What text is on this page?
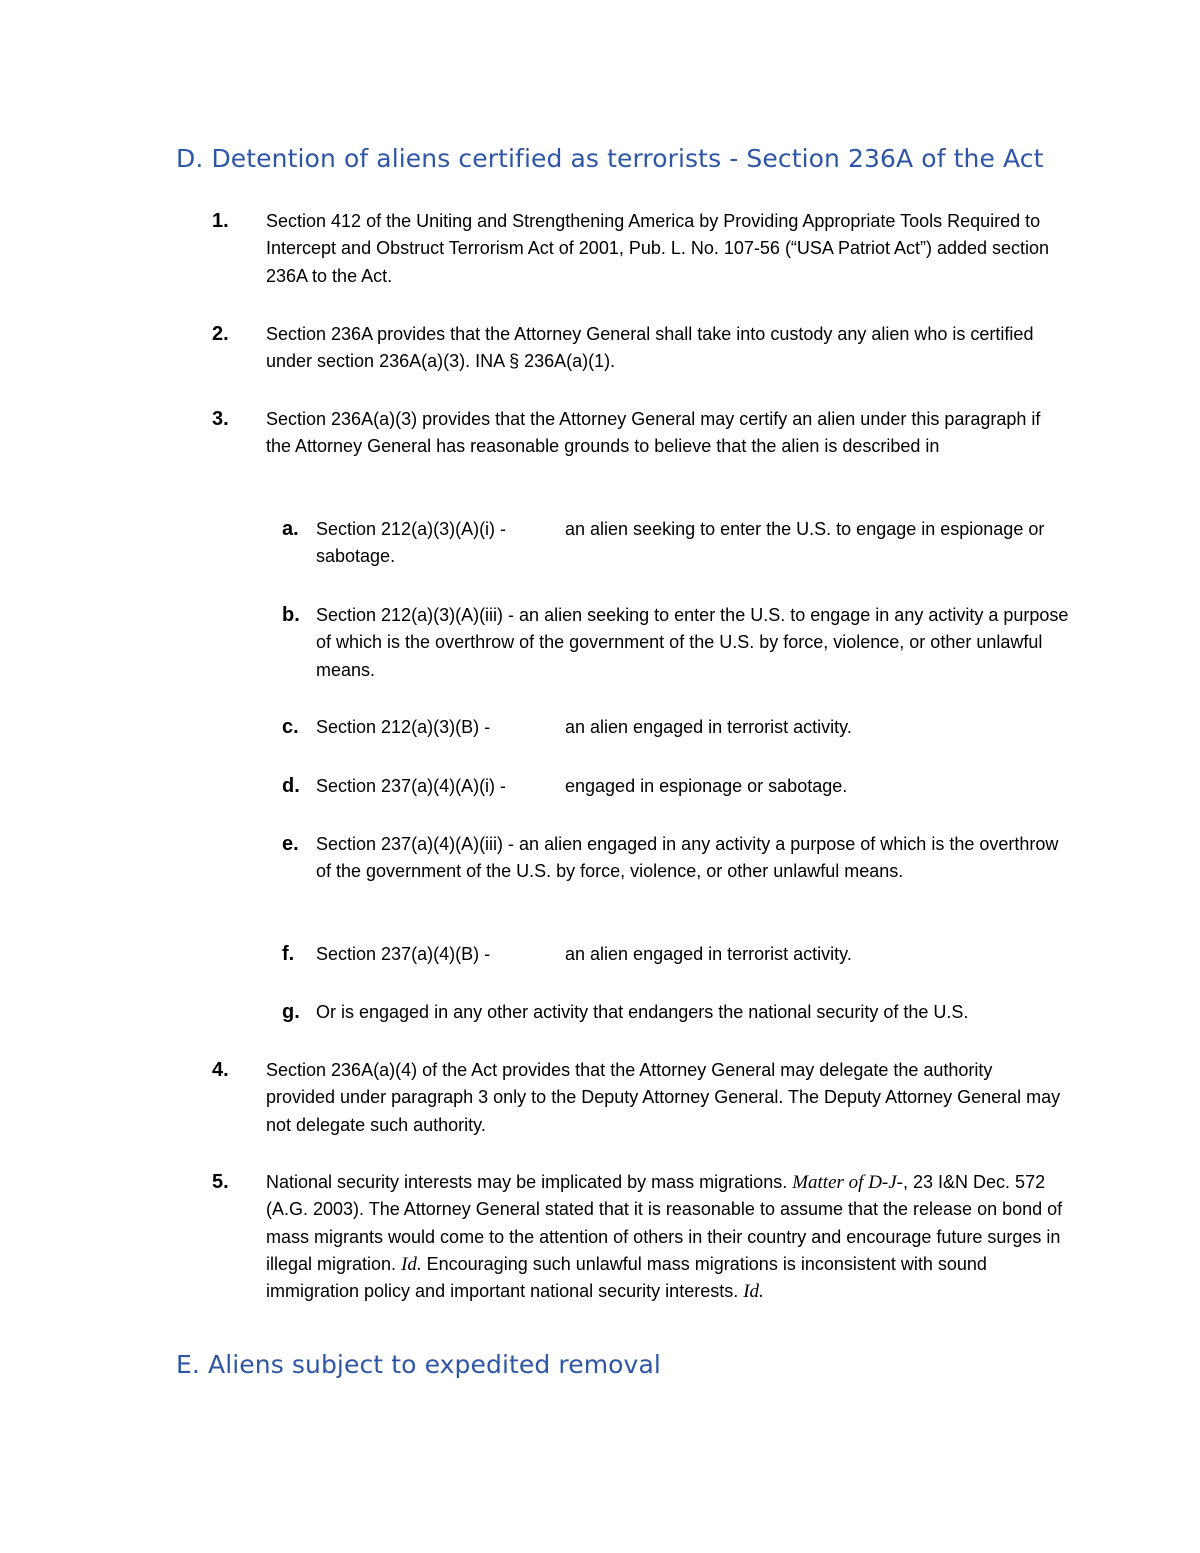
D. Detention of aliens certified as terrorists - Section 236A of the Act
1. Section 412 of the Uniting and Strengthening America by Providing Appropriate Tools Required to Intercept and Obstruct Terrorism Act of 2001, Pub. L. No. 107-56 (“USA Patriot Act”) added section 236A to the Act.
2. Section 236A provides that the Attorney General shall take into custody any alien who is certified under section 236A(a)(3). INA § 236A(a)(1).
3. Section 236A(a)(3) provides that the Attorney General may certify an alien under this paragraph if the Attorney General has reasonable grounds to believe that the alien is described in
a. Section 212(a)(3)(A)(i) -	an alien seeking to enter the U.S. to engage in espionage or sabotage.
b. Section 212(a)(3)(A)(iii) - an alien seeking to enter the U.S. to engage in any activity a purpose of which is the overthrow of the government of the U.S. by force, violence, or other unlawful means.
c. Section 212(a)(3)(B) -	an alien engaged in terrorist activity.
d. Section 237(a)(4)(A)(i) -	engaged in espionage or sabotage.
e. Section 237(a)(4)(A)(iii) - an alien engaged in any activity a purpose of which is the overthrow of the government of the U.S. by force, violence, or other unlawful means.
f. Section 237(a)(4)(B) -	an alien engaged in terrorist activity.
g. Or is engaged in any other activity that endangers the national security of the U.S.
4. Section 236A(a)(4) of the Act provides that the Attorney General may delegate the authority provided under paragraph 3 only to the Deputy Attorney General. The Deputy Attorney General may not delegate such authority.
5. National security interests may be implicated by mass migrations. Matter of D-J-, 23 I&N Dec. 572 (A.G. 2003). The Attorney General stated that it is reasonable to assume that the release on bond of mass migrants would come to the attention of others in their country and encourage future surges in illegal migration. Id. Encouraging such unlawful mass migrations is inconsistent with sound immigration policy and important national security interests. Id.
E. Aliens subject to expedited removal
